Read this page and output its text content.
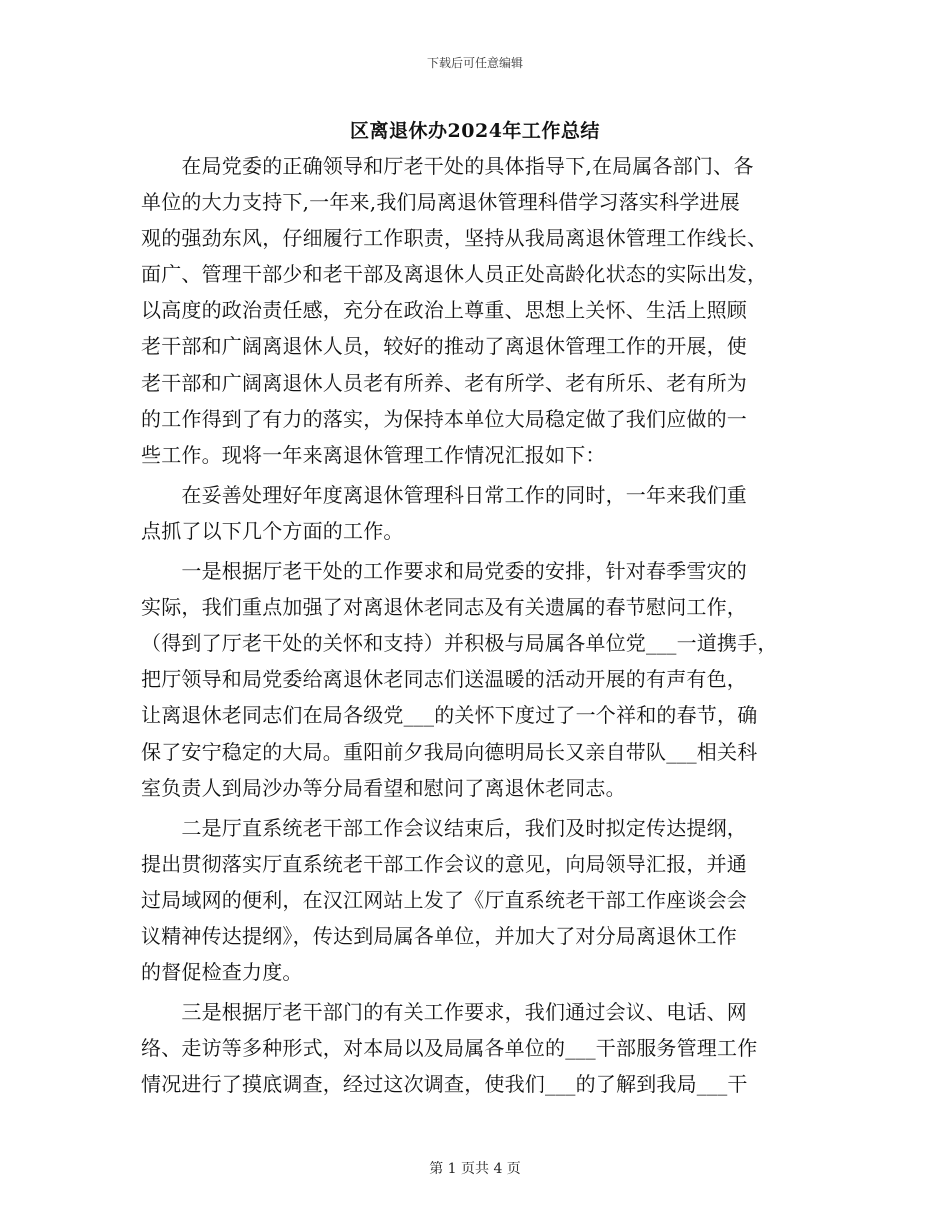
下载后可任意编辑
区离退休办2024年工作总结
　　在局党委的正确领导和厅老干处的具体指导下,在局属各部门、各
单位的大力支持下,一年来,我们局离退休管理科借学习落实科学进展
观的强劲东风，仔细履行工作职责，坚持从我局离退休管理工作线长、
面广、管理干部少和老干部及离退休人员正处高龄化状态的实际出发，
以高度的政治责任感，充分在政治上尊重、思想上关怀、生活上照顾
老干部和广阔离退休人员，较好的推动了离退休管理工作的开展，使
老干部和广阔离退休人员老有所养、老有所学、老有所乐、老有所为
的工作得到了有力的落实，为保持本单位大局稳定做了我们应做的一
些工作。现将一年来离退休管理工作情况汇报如下：
　　在妥善处理好年度离退休管理科日常工作的同时，一年来我们重
点抓了以下几个方面的工作。
　　一是根据厅老干处的工作要求和局党委的安排，针对春季雪灾的
实际，我们重点加强了对离退休老同志及有关遗属的春节慰问工作，
（得到了厅老干处的关怀和支持）并积极与局属各单位党___一道携手，
把厅领导和局党委给离退休老同志们送温暖的活动开展的有声有色，
让离退休老同志们在局各级党___的关怀下度过了一个祥和的春节，确
保了安宁稳定的大局。重阳前夕我局向德明局长又亲自带队___相关科
室负责人到局沙办等分局看望和慰问了离退休老同志。
　　二是厅直系统老干部工作会议结束后，我们及时拟定传达提纲，
提出贯彻落实厅直系统老干部工作会议的意见，向局领导汇报，并通
过局域网的便利，在汉江网站上发了《厅直系统老干部工作座谈会会
议精神传达提纲》，传达到局属各单位，并加大了对分局离退休工作
的督促检查力度。
　　三是根据厅老干部门的有关工作要求，我们通过会议、电话、网
络、走访等多种形式，对本局以及局属各单位的___干部服务管理工作
情况进行了摸底调查，经过这次调查，使我们___的了解到我局___干
第 1 页共 4 页
